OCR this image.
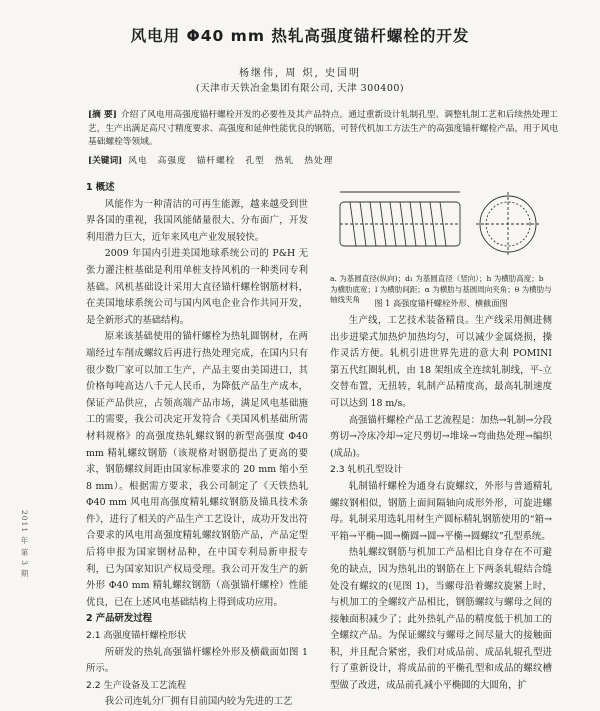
风电用 Φ40 mm 热轧高强度锚杆螺栓的开发
杨继伟, 周 炽, 史国明
(天津市天铁冶金集团有限公司, 天津 300400)
[摘 要] 介绍了风电用高强度锚杆螺栓开发的必要性及其产品特点。通过重新设计轧制孔型、调整轧制工艺和后续热处理工艺，生产出满足高尺寸精度要求、高强度和延伸性能优良的钢筋，可替代机加工方法生产的高强度锚杆螺栓产品，用于风电基础螺栓等领域。
[关键词] 风电 高强度 锚杆螺栓 孔型 热轧 热处理
1 概述

风能作为一种清洁的可再生能源，越来越受到世界各国的重视，我国风能储量很大、分布面广，开发利用潜力巨大，近年来风电产业发展较快。

2009 年国内引进美国地球系统公司的 P&H 无张力灌注桩基础是利用单桩支持风机的一种类同专利基础。风机基础设计采用大直径锚杆螺栓钢筋材料，在美国地球系统公司与国内风电企业合作共同开发，是全新形式的基础结构。

原来该基础使用的锚杆螺栓为热轧圆钢材，在两端经过车削成螺纹后再进行热处理完成，在国内只有很少数厂家可以加工生产，产品主要由美国进口，其价格每吨高达八千元人民币，为降低产品生产成本，保证产品供应，占领高端产品市场，满足风电基础施工的需要，我公司决定开发符合《美国风机基础所需材料规格》的高强度热轧螺纹钢的新型高强度 Φ40 mm 精轧螺纹钢筋（该规格对钢筋提出了更高的要求，钢筋螺纹间距由国家标准要求的 20 mm 缩小至 8 mm）。根据需方要求，我公司制定了《天铁热轧 Φ40 mm 风电用高强度精轧螺纹钢筋及锚具技术条件》，进行了相关的产品生产工艺设计，成功开发出符合要求的风电用高强度精轧螺纹钢筋产品，产品定型后将申报为国家钢材品种，在中国专利局新申报专利，已为国家知识产权局受理。我公司开发生产的新外形 Φ40 mm 精轧螺纹钢筋（高强锚杆螺栓）性能优良，已在上述风电基础结构上得到成功应用。

2 产品研发过程
2.1 高强度锚杆螺栓形状

所研发的热轧高强锚杆螺栓外形及横截面如图 1 所示。

2.2 生产设备及工艺流程

我公司连轧分厂拥有目前国内较为先进的工艺

a. 为基圆直径(纵向)；d₁ 为基圆直径（竖向）；h 为横肋高度；b 为横肋底宽；l 为横肋间距；α 为横肋与基圆周向夹角；θ 为横肋与轴线夹角	图 1 高强度锚杆螺栓外形、横截面图

生产线，工艺技术装备精良。生产线采用侧进侧出步进梁式加热炉加热均匀，可以减少金属烧损，操作灵活方便。轧机引进世界先进的意大利 POMINI 第五代红圈轧机，由 18 架组成全连续轧制线，平-立交替布置，无扭转，轧制产品精度高，最高轧制速度可以达到 18 m/s。

高强锚杆螺栓产品工艺流程是：加热→轧制→分段剪切→冷床冷却→定尺剪切→堆垛→弯曲热处理→编织(成品)。

2.3 轧机孔型设计

轧制锚杆螺栓为通身右旋螺纹，外形与普通精轧螺纹钢相似，钢筋上面间隔轴向成形外形，可旋进螺母。轧制采用选轧用材生产圆标精轧钢筋使用的“箱→平箱→平椭→圆→椭圆→圆→平椭→圆螺纹”孔型系统。

热轧螺纹钢筋与机加工产品相比自身存在不可避免的缺点，因为热轧出的钢筋在上下两条轧辊结合缝处没有螺纹的(见图 1)，当螺母沿着螺纹旋紧上时，与机加工的全螺纹产品相比，钢筋螺纹与螺母之间的接触面积减少了；此外热轧产品的精度低于机加工的全螺纹产品。为保证螺纹与螺母之间尽量大的接触面积，并且配合紧密，我们对成品前、成品轧辊孔型进行了重新设计，将成品前的平椭孔型和成品的螺纹槽型做了改进，成品前孔减小平椭圆的大圆角，扩

2011 年 第 3 期
